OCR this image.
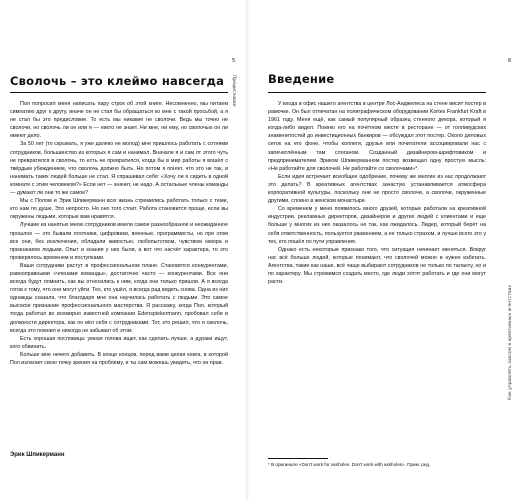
5
Предисловие
Сволочь – это клеймо навсегда

Пол попросил меня написать пару строк об этой книге. Несомненно, мы питаем симпатию друг к другу, иначе он не стал бы обращаться ко мне с такой просьбой, а я не стал бы это предисловие. То есть мы никакие не сволочи. Ведь мы точно не сволочи, но сволочь ли он или я — никто не знает. Ни мне, ни ему, но сволочью он ли имеют дело.

За 50 лет (то скрывать, я уже далеко не молод) мне пришлось работать с сотнями сотрудников, большинство из которых я сам и нанимал. Вначале я и сам от этого чуть не превратился в сволочь, то есть не превратился, когда бы в мир работы я вошёл с твёрдым убеждением, что сволочь должно быть. Но потом я понял, что это не так, и нанимать таких людей больше не стал. Я спрашивал себя: «Хочу ли я сидеть в одной комнате с этим человеком?» Если нет — значит, не надо. А остальные члены команды — думают ли они то же самое?

Мы с Полом и Эрик Шпикерманн всю жизнь стремились работать только с теми, кто нам по душе. Это непросто. Но оно того стоит. Работа становится проще, если вы окружены людьми, которые вам нравятся.

Лучшие из нанятых мною сотрудников имели самое разнообразное и неожиданное прошлое — это бывали плотники, цифровики, военные, программисты, но при этом все они, без исключения, обладали живостью, любопытством, чувством юмора и признанием людьми. Опыт и знания у них были, а вот что насчёт характера, то это проверялось временем и поступками.

Ваши сотрудники растут в профессиональном плане. Становятся конкурентами, равноправными «членами команды», достаточно часто — конкурентами. Все они всегда будут помнить, как вы относились к ним, когда они только пришли. А я всегда готов к тому, что они могут уйти. Тех, кто ушёл, я всегда рад видеть снова. Одна из них однажды сказала, что благодаря мне она научилась работать с людьми. Это самое высокое признание профессионального мастерства. Я расскажу, когда Пол, который тогда работал во всемирно известной компании Edenspiekermann, пробовал себя в должности директора, как он вёл себя с сотрудниками. Тот, кто решил, что я сволочь, всегда это помнил и никогда не забывал об этом.

Есть хорошая пословица: умная голова ищет, как сделать лучше, а дураки ищут, кого обвинить.

Больше мне нечего добавить. В конце концов, перед вами целая книга, в которой Пол излагает свою точку зрения на проблему, и ты сам можешь увидеть, что он прав.

Эрик Шпикерманн
6
Как управлять хаосом в креативных агентствах
Введение

У входа в офис нашего агентства в центре Лос-Анджелеса на стене висит постер в рамочке. Он был отпечатан на полиграфическом оборудовании Kortex Frankfurt Kraft в 1961 году. Меня ещё, как самый популярный образец стенного декора, который я когда-либо видел. Помню его на почётном месте в ресторане — от голливудских знаменитостей до инвестиционных банкиров — обсуждал этот постер. Около деловых сеток на его фоне, чтобы коллеги, друзья или почитатели ассоциировали нас с запечатлённым там слоганом. Созданный дизайнером-шрифтовиком и предпринимателем Эриком Шпикерманном постер возвещал одну простую мысль: «Не работайте для сволочей. Не работайте со сволочами»*.

Если идея встречает всеобщее одобрение, почему же многие из нас продолжают это делать? В креативных агентствах зачастую устанавливается атмосфера корпоративной культуры, поскольку они не просто сволочи, а сволочи, окруженные другими, словно в женском монастыре.

Со временем у меня появилось много друзей, которые работали на креативной индустрии, рекламных директоров, дизайнеров и других людей с клиентами и еще больше у многих из них оказалось не так, как ожидалось. Лидер, который берёт на себя ответственность, пользуется уважением, а не только страхом, и лучше всего это у тех, кто пошёл по пути управления.

Однако есть некоторые признаки того, что ситуация начинает меняться. Вокруг нас всё больше людей, которые понимают, что сволочей можно и нужно избегать. Агентства, такие как наше, всё чаще выбирают сотрудников не только по таланту, но и по характеру. Мы стремимся создать место, где люди хотят работать и где они могут расти.

* В оригинале «Don't work for assholes. Don't work with assholes». Прим. ред.
